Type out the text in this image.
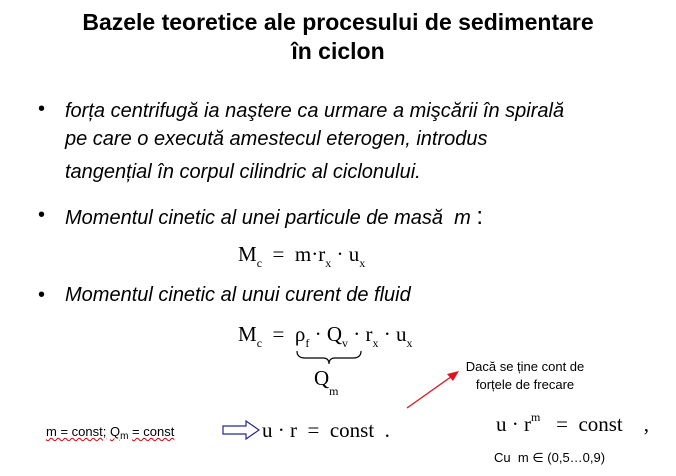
Bazele teoretice ale procesului de sedimentare
în ciclon
• forța centrifugă ia naştere ca urmare a mişcării în spirală
pe care o execută amestecul eterogen, introdus
tangențial în corpul cilindric al ciclonului.
• Momentul cinetic al unei particule de masă m :
$M_c = m\cdot r_x \cdot u_x$
• Momentul cinetic al unui curent de fluid
$M_c = \rho_f \cdot Q_v \cdot r_x \cdot u_x$
$Q_m$
Dacă se ține cont de
forțele de frecare
m = const; $Q_m$ = const	u · r = const .	$u \cdot r^m$ = const ,
Cu m ∈ (0,5…0,9)
